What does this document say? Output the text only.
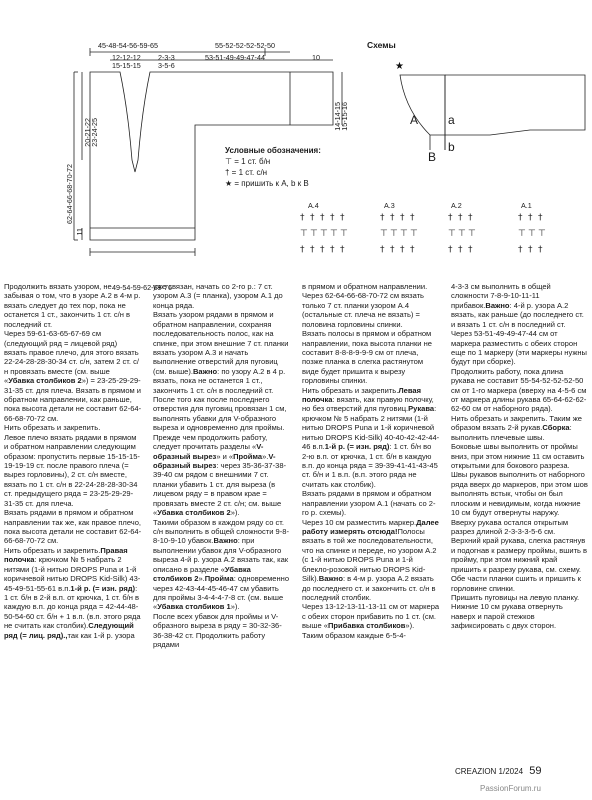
45-48-54-56-59-65
12-12-12
15-15-15
2-3-3
3-5-6
55-52-52-52-52-50
53-51-49-49-47-44	10
20-21-22
23-24-25
62-64-66-68-70-72
11
49-54-59-62-69-76
14-14-15
15-15-16
Условные обозначения:
⊤ = 1 ст. б/н
† = 1 ст. с/н
★ = пришить к А, b к В
Схемы
★
A a
b
B
A.4	A.3	A.2	A.1
† † † † †
⊤ ⊤ ⊤ ⊤ ⊤
† † † † †
† † † †
⊤ ⊤ ⊤ ⊤
† † † †
† † †
⊤ ⊤ ⊤
† † †
† † †
⊤ ⊤ ⊤
† † †

Продолжить вязать узором, не забывая о том, что в узоре А.2 в 4-м р. вязать следует до тех пор, пока не останется 1 ст., закончить 1 ст. с/н в последний ст.

Через 59-61-63-65-67-69 см (следующий ряд = лицевой ряд) вязать правое плечо, для этого вязать 22-24-28-28-30-34 ст. с/н, затем 2 ст. с/н провязать вместе (см. выше «Убавка столбиков 2») = 23-25-29-29-31-35 ст. для плеча. Вязать в прямом и обратном направлении, как раньше, пока высота детали не составит 62-64-66-68-70-72 см.

Нить обрезать и закрепить.

Левое плечо вязать рядами в прямом и обратном направлении следующим образом: пропустить первые 15-15-15-19-19-19 ст. после правого плеча (= вырез горловины), 2 ст. с/н вместе, вязать по 1 ст. с/н в 22-24-28-28-30-34 ст. предыдущего ряда = 23-25-29-29-31-35 ст. для плеча.

Вязать рядами в прямом и обратном направлении так же, как правое плечо, пока высота детали не составит 62-64-66-68-70-72 см.

Нить обрезать и закрепить.Правая полочка: крючком № 5 набрать 2 нитями (1-й нитью DROPS Puna и 1-й коричневой нитью DROPS Kid-Silk) 43-45-49-51-55-61 в.п.1-й р. (= изн. ряд): 1 ст. б/н в 2-й в.п. от крючка, 1 ст. б/н в каждую в.п. до конца ряда = 42-44-48-50-54-60 ст. б/н + 1 в.п. (в.п. этого ряда не считать как столбик).Следующий ряд (= лиц. ряд).,так как 1-й р. узора

уже связан, начать со 2-го р.: 7 ст. узором А.3 (= планка), узором А.1 до конца ряда.

Вязать узором рядами в прямом и обратном направлении, сохраняя последовательность полос, как на спинке, при этом внешние 7 ст. планки вязать узором А.3 и начать выполнение отверстий для пуговиц (см. выше).Важно: по узору А.2 в 4 р. вязать, пока не останется 1 ст., закончить 1 ст. с/н в последний ст.

После того как после последнего отверстия для пуговиц провязан 1 см, выполнять убавки для V-образного выреза и одновременно для проймы.

Прежде чем продолжить работу, следует прочитать разделы «V-образный вырез» и «Пройма».V-образный вырез: через 35-36-37-38-39-40 см рядом с внешними 7 ст. планки убавить 1 ст. для выреза (в лицевом ряду = в правом крае = провязать вместе 2 ст. с/н; см. выше «Убавка столбиков 2»).

Такими образом в каждом ряду со ст. с/н выполнить в общей сложности 9-8-8-10-9-10 убавок.Важно: при выполнении убавок для V-образного выреза 4-й р. узора А.2 вязать так, как описано в разделе «Убавка столбиков 2».Пройма: одновременно через 42-43-44-45-46-47 см убавить для проймы 3-4-4-4-7-8 ст. (см. выше «Убавка столбиков 1»).

После всех убавок для проймы и V-образного выреза в ряду = 30-32-36-36-38-42 ст. Продолжить работу рядами

в прямом и обратном направлении.

Через 62-64-66-68-70-72 см вязать только 7 ст. планки узором А.4 (остальные ст. плеча не вязать) = половина горловины спинки.

Вязать полосы в прямом и обратном направлении, пока высота планки не составит 8-8-8-9-9-9 см от плеча, позже планка в слегка растянутом виде будет пришита к вырезу горловины спинки.

Нить обрезать и закрепить.Левая полочка: вязать, как правую полочку, но без отверстий для пуговиц.Рукава: крючком № 5 набрать 2 нитями (1-й нитью DROPS Puna и 1-й коричневой нитью DROPS Kid-Silk) 40-40-42-42-44-46 в.п.1-й р. (= изн. ряд): 1 ст. б/н во 2-ю в.п. от крючка, 1 ст. б/н в каждую в.п. до конца ряда = 39-39-41-41-43-45 ст. б/н и 1 в.п. (в.п. этого ряда не считать как столбик).

Вязать рядами в прямом и обратном направлении узором А.1 (начать со 2-го р. схемы).

Через 10 см разместить маркер.Далее работу измерять отсюда!Полосы вязать в той же последовательности, что на спинке и переде, но узором А.2 (с 1-й нитью DROPS Puna и 1-й блекло-розовой нитью DROPS Kid-Silk).Важно: в 4-м р. узора А.2 вязать до последнего ст. и закончить ст. с/н в последний столбик.

Через 13-12-13-11-13-11 см от маркера с обеих сторон прибавить по 1 ст. (см. выше «Прибавка столбиков»).

Таким образом каждые 6-5-4-

4-3-3 см выполнить в общей сложности 7-8-9-10-11-11 прибавок.Важно: 4-й р. узора А.2 вязать, как раньше (до последнего ст. и вязать 1 ст. с/н в последний ст.

Через 53-51-49-49-47-44 см от маркера разместить с обеих сторон еще по 1 маркеру (эти маркеры нужны будут при сборке).

Продолжить работу, пока длина рукава не составит 55-54-52-52-52-50 см от 1-го маркера (вверху на 4-5-6 см от маркера длины рукава 65-64-62-62-62-60 см от наборного ряда).

Нить обрезать и закрепить. Таким же образом вязать 2-й рукав.Сборка: выполнить плечевые швы.

Боковые швы выполнить от проймы вниз, при этом нижние 11 см оставить открытыми для бокового разреза.

Швы рукавов выполнить от наборного ряда вверх до маркеров, при этом шов выполнять встык, чтобы он был плоским и невидимым, когда нижние 10 см будут отвернуты наружу.

Вверху рукава остался открытым разрез длиной 2-3-3-3-5-6 см.

Верхний край рукава, слегка растянув и подогнав к размеру проймы, вшить в пройму, при этом нижний край пришить к разрезу рукава, см. схему.

Обе части планки сшить и пришить к горловине спинки.

Пришить пуговицы на левую планку.

Нижние 10 см рукава отвернуть наверх и парой стежков зафиксировать с двух сторон.

CREAZION 1/2024 59
PassionForum.ru
